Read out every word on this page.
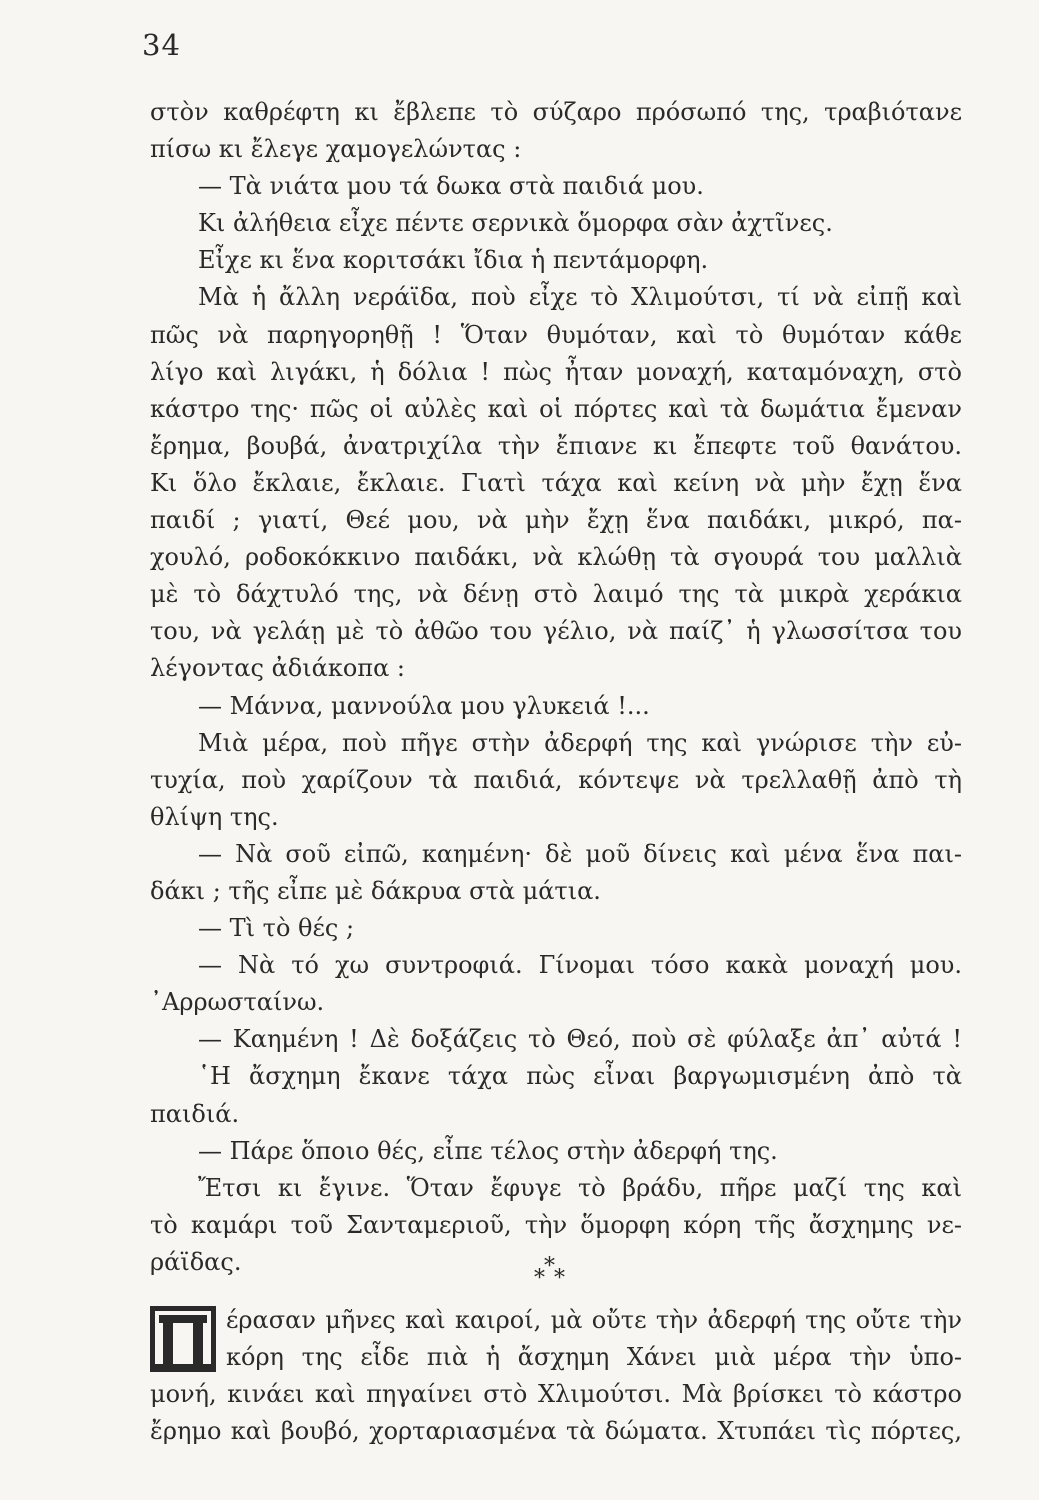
34
στὸν καθρέφτη κι ἔβλεπε τὸ σύζαρο πρόσωπό της, τραβιότανε
πίσω κι ἔλεγε χαμογελώντας :
— Τὰ νιάτα μου τά δωκα στὰ παιδιά μου.
Κι ἀλήθεια εἶχε πέντε σερνικὰ ὅμορφα σὰν ἀχτῖνες.
Εἶχε κι ἕνα κοριτσάκι ἴδια ἡ πεντάμορφη.
Μὰ ἡ ἄλλη νεράϊδα, ποὺ εἶχε τὸ Χλιμούτσι, τί νὰ εἰπῇ καὶ
πῶς νὰ παρηγορηθῇ ! Ὅταν θυμόταν, καὶ τὸ θυμόταν κάθε
λίγο καὶ λιγάκι, ἡ δόλια ! πὼς ἦταν μοναχή, καταμόναχη, στὸ
κάστρο της· πῶς οἱ αὐλὲς καὶ οἱ πόρτες καὶ τὰ δωμάτια ἔμεναν
ἔρημα, βουβά, ἀνατριχίλα τὴν ἔπιανε κι ἔπεφτε τοῦ θανάτου.
Κι ὅλο ἔκλαιε, ἔκλαιε. Γιατὶ τάχα καὶ κείνη νὰ μὴν ἔχῃ ἕνα
παιδί ; γιατί, Θεέ μου, νὰ μὴν ἔχῃ ἕνα παιδάκι, μικρό, πα-
χουλό, ροδοκόκκινο παιδάκι, νὰ κλώθῃ τὰ σγουρά του μαλλιὰ
μὲ τὸ δάχτυλό της, νὰ δένῃ στὸ λαιμό της τὰ μικρὰ χεράκια
του, νὰ γελάῃ μὲ τὸ ἀθῶο του γέλιο, νὰ παίζ᾽ ἡ γλωσσίτσα του
λέγοντας ἀδιάκοπα :
— Μάννα, μαννούλα μου γλυκειά !...
Μιὰ μέρα, ποὺ πῆγε στὴν ἀδερφή της καὶ γνώρισε τὴν εὐ-
τυχία, ποὺ χαρίζουν τὰ παιδιά, κόντεψε νὰ τρελλαθῇ ἀπὸ τὴ
θλίψη της.
— Νὰ σοῦ εἰπῶ, καημένη· δὲ μοῦ δίνεις καὶ μένα ἕνα παι-
δάκι ; τῆς εἶπε μὲ δάκρυα στὰ μάτια.
— Τὶ τὸ θές ;
— Νὰ τό χω συντροφιά. Γίνομαι τόσο κακὰ μοναχή μου.
᾽Αρρωσταίνω.
— Καημένη ! Δὲ δοξάζεις τὸ Θεό, ποὺ σὲ φύλαξε ἀπ᾽ αὐτά !
῾Η ἄσχημη ἔκανε τάχα πὼς εἶναι βαργωμισμένη ἀπὸ τὰ
παιδιά.
— Πάρε ὅποιο θές, εἶπε τέλος στὴν ἀδερφή της.
Ἔτσι κι ἔγινε. Ὅταν ἔφυγε τὸ βράδυ, πῆρε μαζί της καὶ
τὸ καμάρι τοῦ Σανταμεριοῦ, τὴν ὅμορφη κόρη τῆς ἄσχημης νε-
ράϊδας.	*
* *
έρασαν μῆνες καὶ καιροί, μὰ οὔτε τὴν ἀδερφή της οὔτε τὴν
κόρη της εἶδε πιὰ ἡ ἄσχημη Χάνει μιὰ μέρα τὴν ὑπο-
μονή, κινάει καὶ πηγαίνει στὸ Χλιμούτσι. Μὰ βρίσκει τὸ κάστρο
ἔρημο καὶ βουβό, χορταριασμένα τὰ δώματα. Χτυπάει τὶς πόρτες,
